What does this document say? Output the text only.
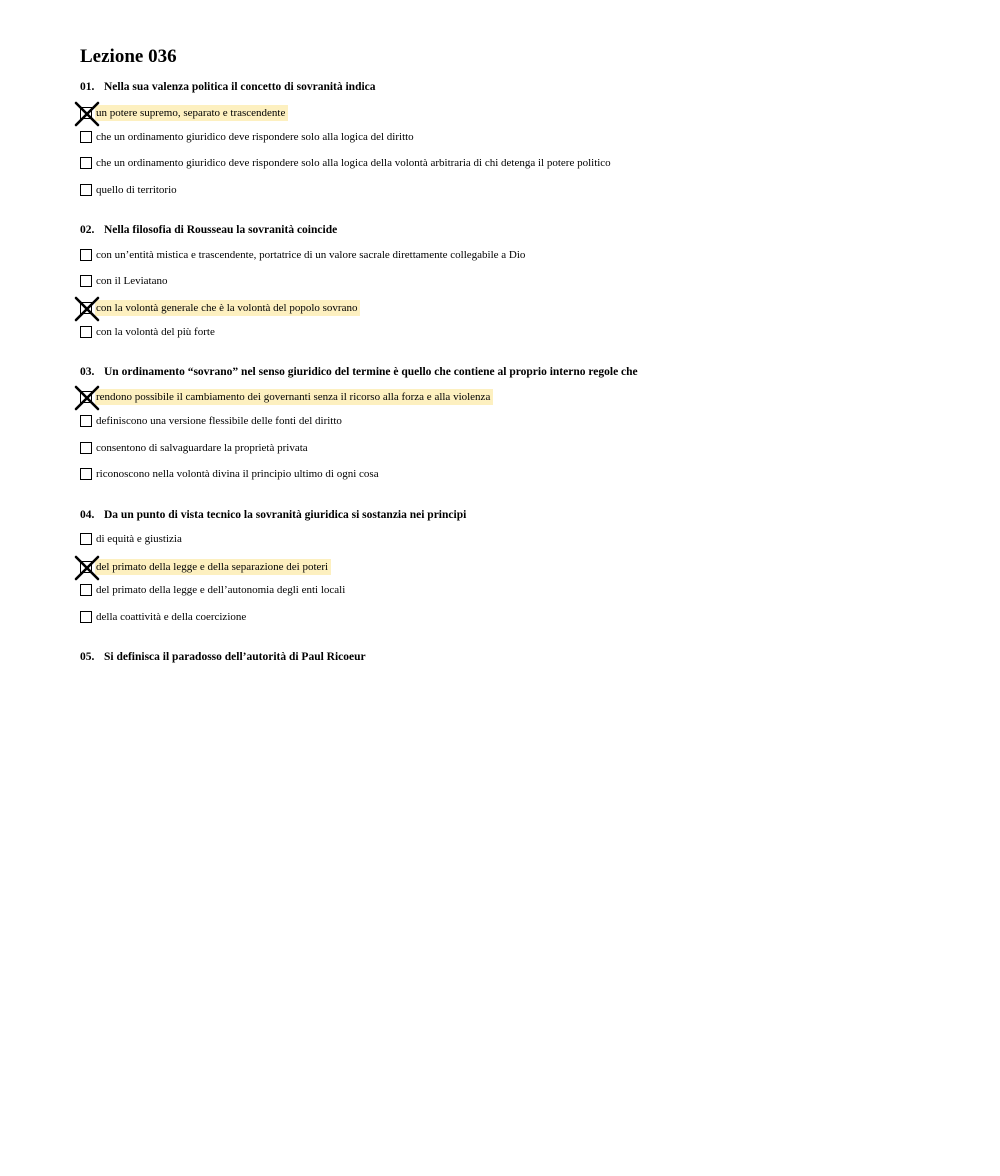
Lezione 036
01. Nella sua valenza politica il concetto di sovranità indica
un potere supremo, separato e trascendente
che un ordinamento giuridico deve rispondere solo alla logica del diritto
che un ordinamento giuridico deve rispondere solo alla logica della volontà arbitraria di chi detenga il potere politico
quello di territorio
02. Nella filosofia di Rousseau la sovranità coincide
con un’entità mistica e trascendente, portatrice di un valore sacrale direttamente collegabile a Dio
con il Leviatano
con la volontà generale che è la volontà del popolo sovrano
con la volontà del più forte
03. Un ordinamento “sovrano” nel senso giuridico del termine è quello che contiene al proprio interno regole che
rendono possibile il cambiamento dei governanti senza il ricorso alla forza e alla violenza
definiscono una versione flessibile delle fonti del diritto
consentono di salvaguardare la proprietà privata
riconoscono nella volontà divina il principio ultimo di ogni cosa
04. Da un punto di vista tecnico la sovranità giuridica si sostanzia nei principi
di equità e giustizia
del primato della legge e della separazione dei poteri
del primato della legge e dell’autonomia degli enti locali
della coattività e della coercizione
05. Si definisca il paradosso dell’autorità di Paul Ricoeur
